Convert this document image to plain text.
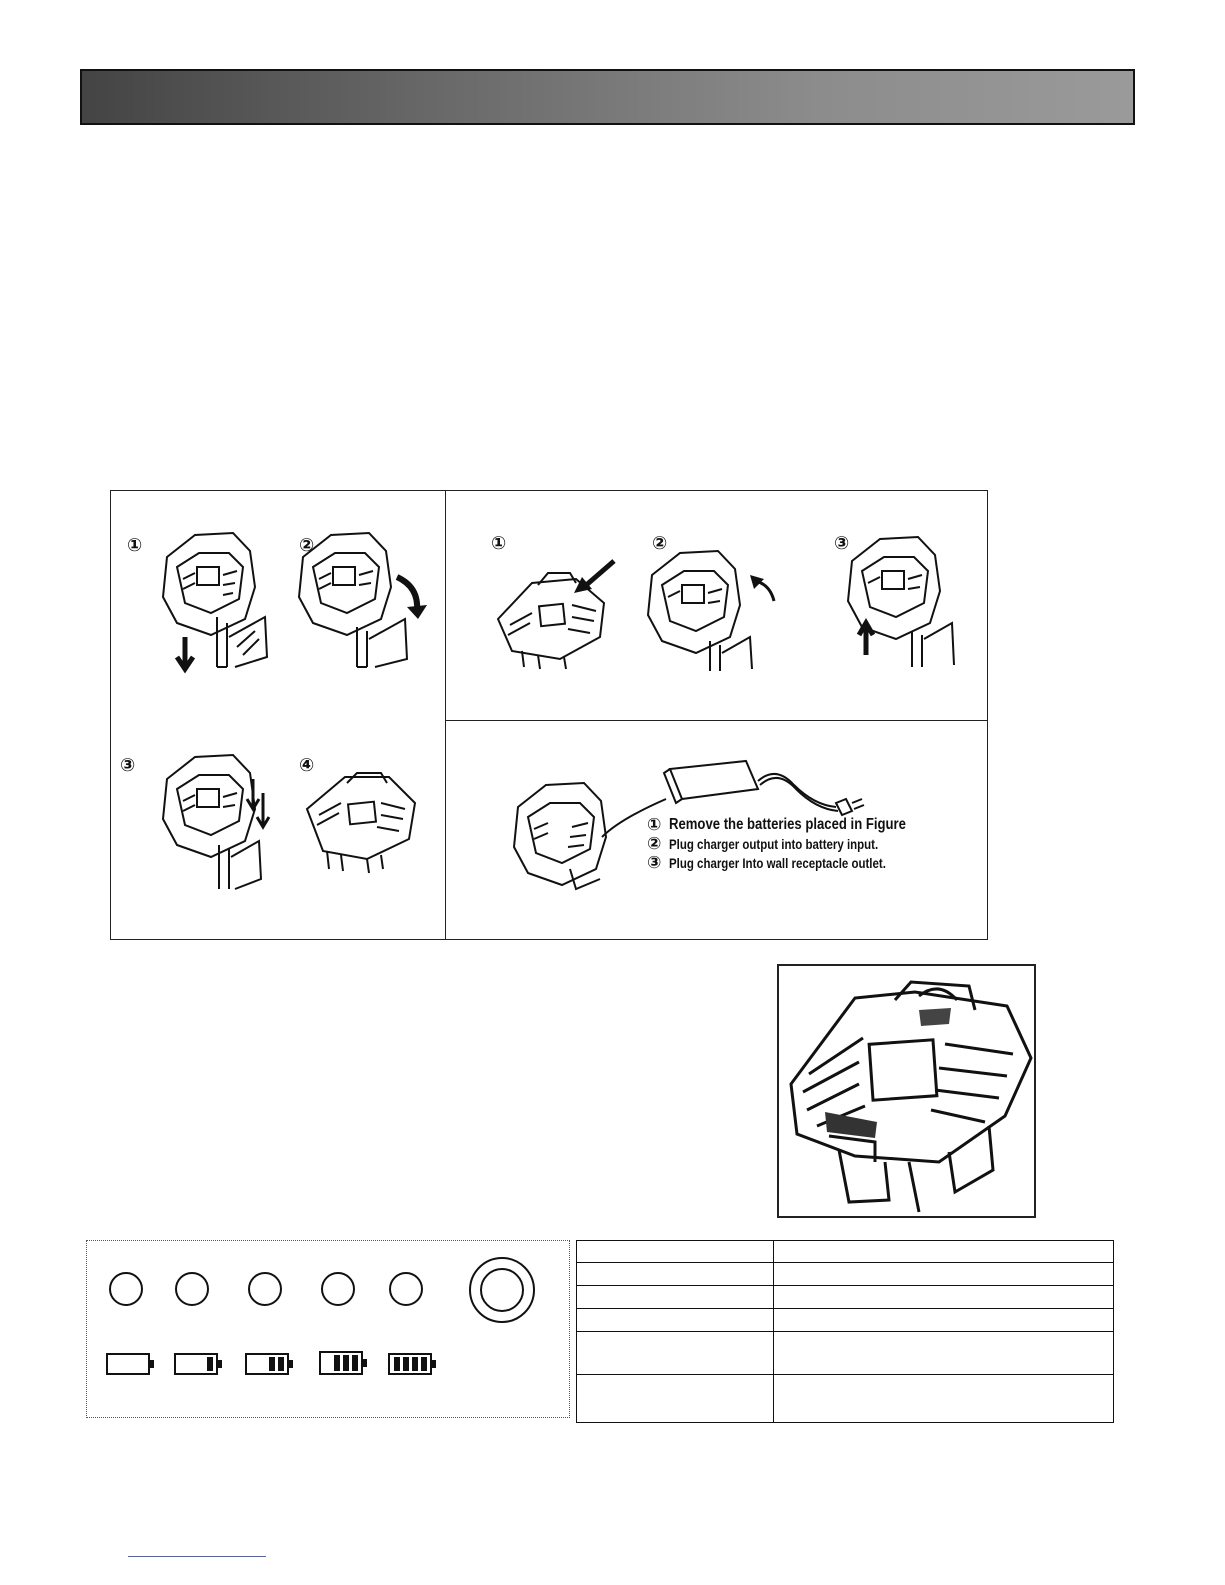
①	②
③	④
①	②	③
① Remove the batteries placed in Figure
② Plug charger output into battery input.
③ Plug charger Into wall receptacle outlet.
